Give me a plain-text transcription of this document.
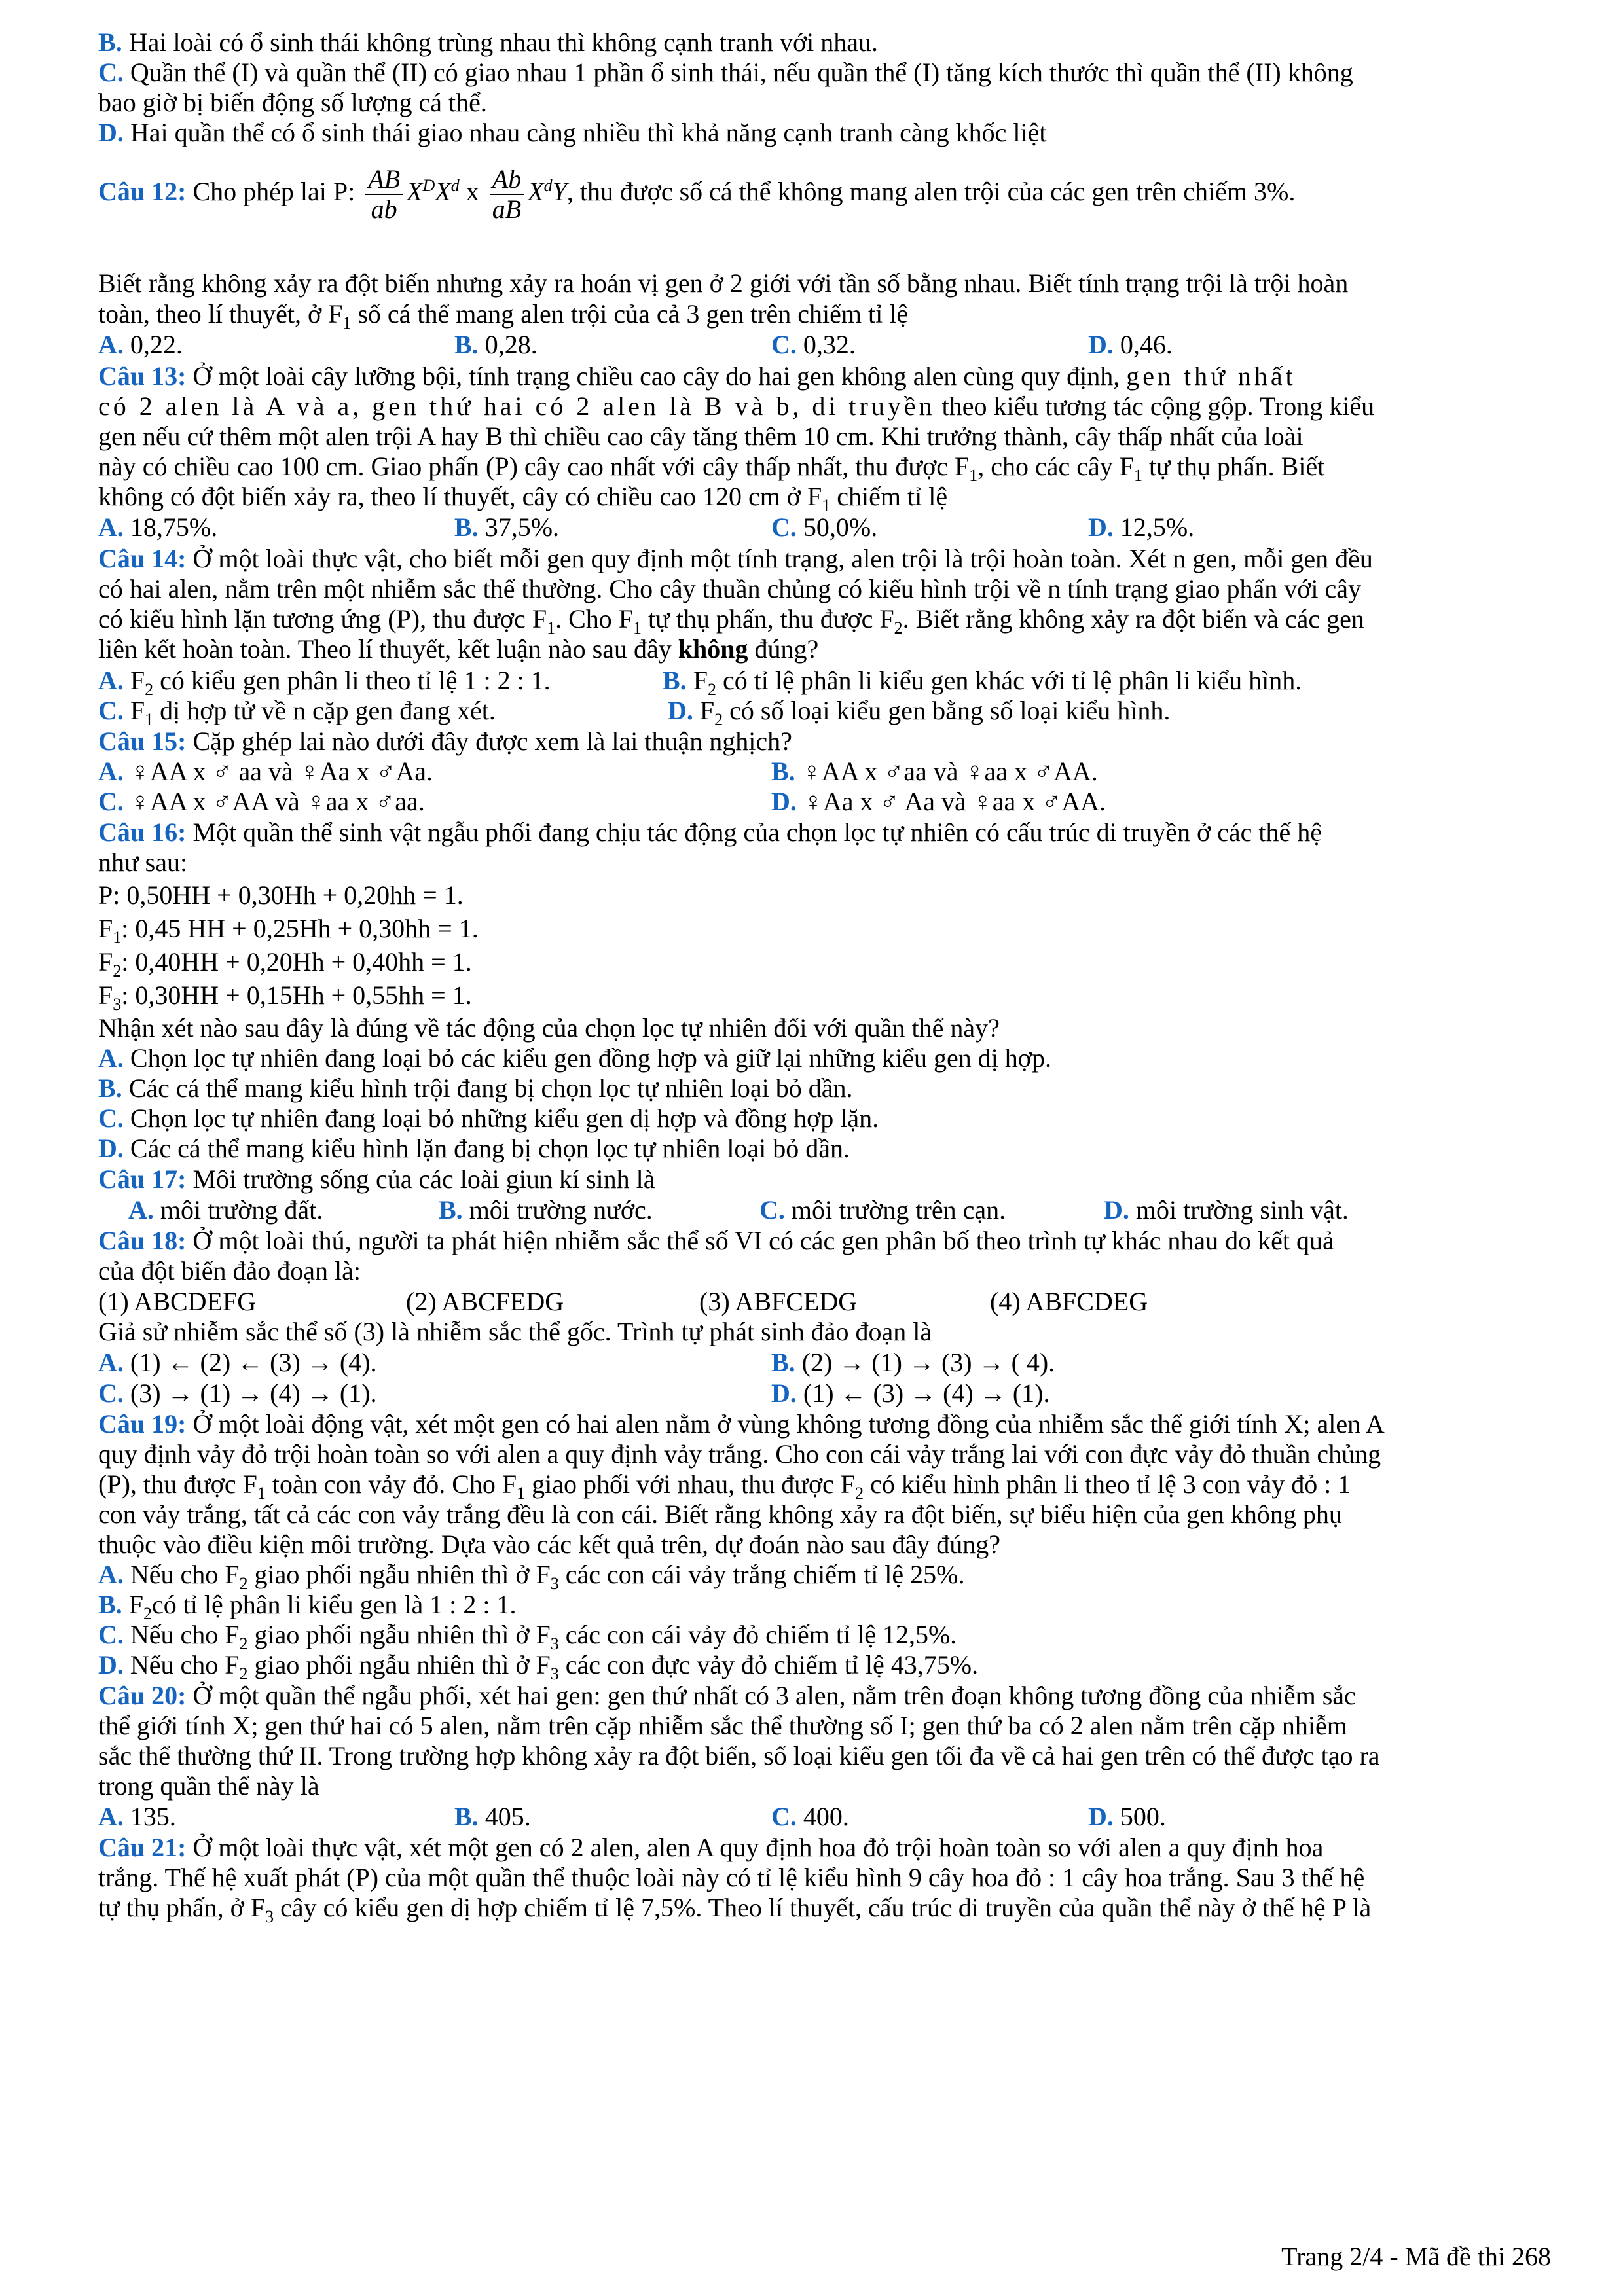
B. Hai loài có ổ sinh thái không trùng nhau thì không cạnh tranh với nhau.
C. Quần thể (I) và quần thể (II) có giao nhau 1 phần ổ sinh thái, nếu quần thể (I) tăng kích thước thì quần thể (II) không
bao giờ bị biến động số lượng cá thể.
D. Hai quần thể có ổ sinh thái giao nhau càng nhiều thì khả năng cạnh tranh càng khốc liệt
Câu 12: Cho phép lai P: $\frac{AB}{ab} X^DX^d$ x $\frac{Ab}{aB} X^dY$, thu được số cá thể không mang alen trội của các gen trên chiếm 3%.
Biết rằng không xảy ra đột biến nhưng xảy ra hoán vị gen ở 2 giới với tần số bằng nhau. Biết tính trạng trội là trội hoàn
toàn, theo lí thuyết, ở $F_1$ số cá thể mang alen trội của cả 3 gen trên chiếm tỉ lệ
A. 0,22.	B. 0,28.	C. 0,32.	D. 0,46.
Câu 13: Ở một loài cây lưỡng bội, tính trạng chiều cao cây do hai gen không alen cùng quy định, gen thứ nhất
có 2 alen là A và a, gen thứ hai có 2 alen là B và b, di truyền theo kiểu tương tác cộng gộp. Trong kiểu
gen nếu cứ thêm một alen trội A hay B thì chiều cao cây tăng thêm 10 cm. Khi trưởng thành, cây thấp nhất của loài
này có chiều cao 100 cm. Giao phấn (P) cây cao nhất với cây thấp nhất, thu được $F_1$, cho các cây $F_1$ tự thụ phấn. Biết
không có đột biến xảy ra, theo lí thuyết, cây có chiều cao 120 cm ở $F_1$ chiếm tỉ lệ
A. 18,75%.	B. 37,5%.	C. 50,0%.	D. 12,5%.
Câu 14: Ở một loài thực vật, cho biết mỗi gen quy định một tính trạng, alen trội là trội hoàn toàn. Xét n gen, mỗi gen đều
có hai alen, nằm trên một nhiễm sắc thể thường. Cho cây thuần chủng có kiểu hình trội về n tính trạng giao phấn với cây
có kiểu hình lặn tương ứng (P), thu được $F_1$. Cho $F_1$ tự thụ phấn, thu được $F_2$. Biết rằng không xảy ra đột biến và các gen
liên kết hoàn toàn. Theo lí thuyết, kết luận nào sau đây không đúng?
A. $F_2$ có kiểu gen phân li theo tỉ lệ 1 : 2 : 1.	B. $F_2$ có tỉ lệ phân li kiểu gen khác với tỉ lệ phân li kiểu hình.
C. $F_1$ dị hợp tử về n cặp gen đang xét.	D. $F_2$ có số loại kiểu gen bằng số loại kiểu hình.
Câu 15: Cặp ghép lai nào dưới đây được xem là lai thuận nghịch?
A. ♀AA x ♂ aa và ♀Aa x ♂Aa.	B. ♀AA x ♂aa và ♀aa x ♂AA.
C. ♀AA x ♂AA và ♀aa x ♂aa.	D. ♀Aa x ♂ Aa và ♀aa x ♂AA.
Câu 16: Một quần thể sinh vật ngẫu phối đang chịu tác động của chọn lọc tự nhiên có cấu trúc di truyền ở các thế hệ
như sau:
P: 0,50HH + 0,30Hh + 0,20hh = 1.
$F_1$: 0,45 HH + 0,25Hh + 0,30hh = 1.
$F_2$: 0,40HH + 0,20Hh + 0,40hh = 1.
$F_3$: 0,30HH + 0,15Hh + 0,55hh = 1.
Nhận xét nào sau đây là đúng về tác động của chọn lọc tự nhiên đối với quần thể này?
A. Chọn lọc tự nhiên đang loại bỏ các kiểu gen đồng hợp và giữ lại những kiểu gen dị hợp.
B. Các cá thể mang kiểu hình trội đang bị chọn lọc tự nhiên loại bỏ dần.
C. Chọn lọc tự nhiên đang loại bỏ những kiểu gen dị hợp và đồng hợp lặn.
D. Các cá thể mang kiểu hình lặn đang bị chọn lọc tự nhiên loại bỏ dần.
Câu 17: Môi trường sống của các loài giun kí sinh là
A. môi trường đất.	B. môi trường nước.	C. môi trường trên cạn.	D. môi trường sinh vật.
Câu 18: Ở một loài thú, người ta phát hiện nhiễm sắc thể số VI có các gen phân bố theo trình tự khác nhau do kết quả
của đột biến đảo đoạn là:
(1) ABCDEFG	(2) ABCFEDG	(3) ABFCEDG	(4) ABFCDEG
Giả sử nhiễm sắc thể số (3) là nhiễm sắc thể gốc. Trình tự phát sinh đảo đoạn là
A. (1) ← (2) ← (3) → (4).	B. (2) → (1) → (3) → ( 4).
C. (3) → (1) → (4) → (1).	D. (1) ← (3) → (4) → (1).
Câu 19: Ở một loài động vật, xét một gen có hai alen nằm ở vùng không tương đồng của nhiễm sắc thể giới tính X; alen A
quy định vảy đỏ trội hoàn toàn so với alen a quy định vảy trắng. Cho con cái vảy trắng lai với con đực vảy đỏ thuần chủng
(P), thu được $F_1$ toàn con vảy đỏ. Cho $F_1$ giao phối với nhau, thu được $F_2$ có kiểu hình phân li theo tỉ lệ 3 con vảy đỏ : 1
con vảy trắng, tất cả các con vảy trắng đều là con cái. Biết rằng không xảy ra đột biến, sự biểu hiện của gen không phụ
thuộc vào điều kiện môi trường. Dựa vào các kết quả trên, dự đoán nào sau đây đúng?
A. Nếu cho $F_2$ giao phối ngẫu nhiên thì ở $F_3$ các con cái vảy trắng chiếm tỉ lệ 25%.
B. $F_2có$ tỉ lệ phân li kiểu gen là 1 : 2 : 1.
C. Nếu cho $F_2$ giao phối ngẫu nhiên thì ở $F_3$ các con cái vảy đỏ chiếm tỉ lệ 12,5%.
D. Nếu cho $F_2$ giao phối ngẫu nhiên thì ở $F_3$ các con đực vảy đỏ chiếm tỉ lệ 43,75%.
Câu 20: Ở một quần thể ngẫu phối, xét hai gen: gen thứ nhất có 3 alen, nằm trên đoạn không tương đồng của nhiễm sắc
thể giới tính X; gen thứ hai có 5 alen, nằm trên cặp nhiễm sắc thể thường số I; gen thứ ba có 2 alen nằm trên cặp nhiễm
sắc thể thường thứ II. Trong trường hợp không xảy ra đột biến, số loại kiểu gen tối đa về cả hai gen trên có thể được tạo ra
trong quần thể này là
A. 135.	B. 405.	C. 400.	D. 500.
Câu 21: Ở một loài thực vật, xét một gen có 2 alen, alen A quy định hoa đỏ trội hoàn toàn so với alen a quy định hoa
trắng. Thế hệ xuất phát (P) của một quần thể thuộc loài này có tỉ lệ kiểu hình 9 cây hoa đỏ : 1 cây hoa trắng. Sau 3 thế hệ
tự thụ phấn, ở $F_3$ cây có kiểu gen dị hợp chiếm tỉ lệ 7,5%. Theo lí thuyết, cấu trúc di truyền của quần thể này ở thế hệ P là
Trang 2/4 - Mã đề thi 268
